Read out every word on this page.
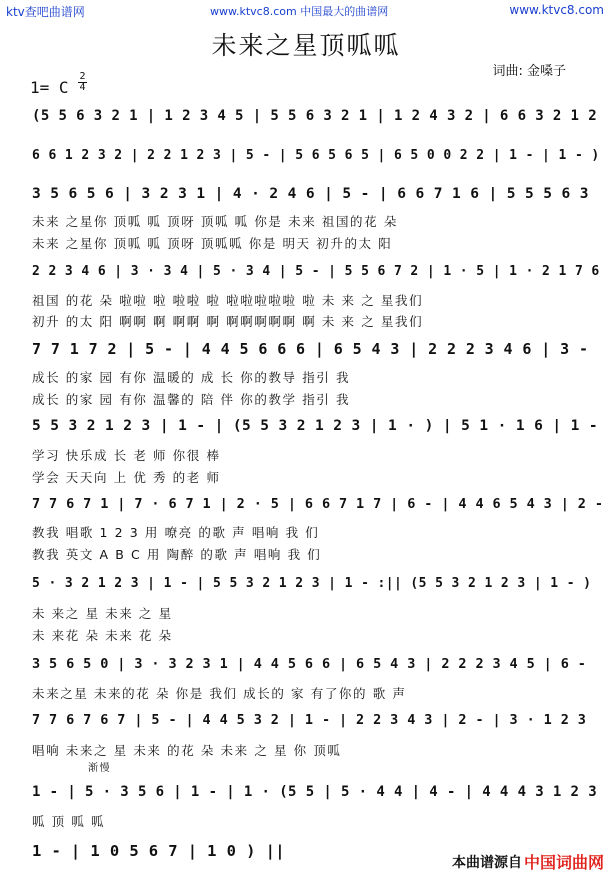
ktv查吧曲谱网	www.ktvc8.com 中国最大的曲谱网	www.ktvc8.com
未来之星顶呱呱
词曲: 金嗓子
1= C
2
4
(5 5 6 3 2 1 | 1 2 3 4 5 | 5 5 6 3 2 1 | 1 2 4 3 2 | 6 6 3 2 1 2
6 6 1 2 3 2 | 2 2 1 2 3 | 5 - | 5 6 5 6 5 | 6 5 0 0 2 2 | 1 - | 1 - )
3 5 6 5 6 | 3 2 3 1 | 4 · 2 4 6 | 5 - | 6 6 7 1 6 | 5 5 5 6 3
未来 之星你 顶呱 呱 顶呀 顶呱 呱 你是 未来 祖国的花 朵
未来 之星你 顶呱 呱 顶呀 顶呱呱 你是 明天 初升的太 阳
2 2 3 4 6 | 3 · 3 4 | 5 · 3 4 | 5 - | 5 5 6 7 2 | 1 · 5 | 1 · 2 1 7 6
祖国 的花 朵 啦啦 啦 啦啦 啦 啦啦啦啦啦 啦 未 来 之 星我们
初升 的太 阳 啊啊 啊 啊啊 啊 啊啊啊啊啊 啊 未 来 之 星我们
7 7 1 7 2 | 5 - | 4 4 5 6 6 6 | 6 5 4 3 | 2 2 2 3 4 6 | 3 -
成长 的家 园 有你 温暖的 成 长 你的教导 指引 我
成长 的家 园 有你 温馨的 陪 伴 你的教学 指引 我
5 5 3 2 1 2 3 | 1 - | (5 5 3 2 1 2 3 | 1 · ) | 5 1 · 1 6 | 1 -
学习 快乐成 长 老 师 你很 棒
学会 天天向 上 优 秀 的老 师
7 7 6 7 1 | 7 · 6 7 1 | 2 · 5 | 6 6 7 1 7 | 6 - | 4 4 6 5 4 3 | 2 -
教我 唱歌 1 2 3 用 嘹亮 的歌 声 唱响 我 们
教我 英文 A B C 用 陶醉 的歌 声 唱响 我 们
5 · 3 2 1 2 3 | 1 - | 5 5 3 2 1 2 3 | 1 - :|| (5 5 3 2 1 2 3 | 1 - )
未 来之 星 未来 之 星
未 来花 朵 未来 花 朵
3 5 6 5 0 | 3 · 3 2 3 1 | 4 4 5 6 6 | 6 5 4 3 | 2 2 2 3 4 5 | 6 -
未来之星 未来的花 朵 你是 我们 成长的 家 有了你的 歌 声
7 7 6 7 6 7 | 5 - | 4 4 5 3 2 | 1 - | 2 2 3 4 3 | 2 - | 3 · 1 2 3
唱响 未来之 星 未来 的花 朵 未来 之 星 你 顶呱
渐慢
1 - | 5 · 3 5 6 | 1 - | 1 · (5 5 | 5 · 4 4 | 4 - | 4 4 4 3 1 2 3
呱 顶 呱 呱
1 - | 1 0 5 6 7 | 1 0 ) ||
本曲谱源自 中国词曲网
